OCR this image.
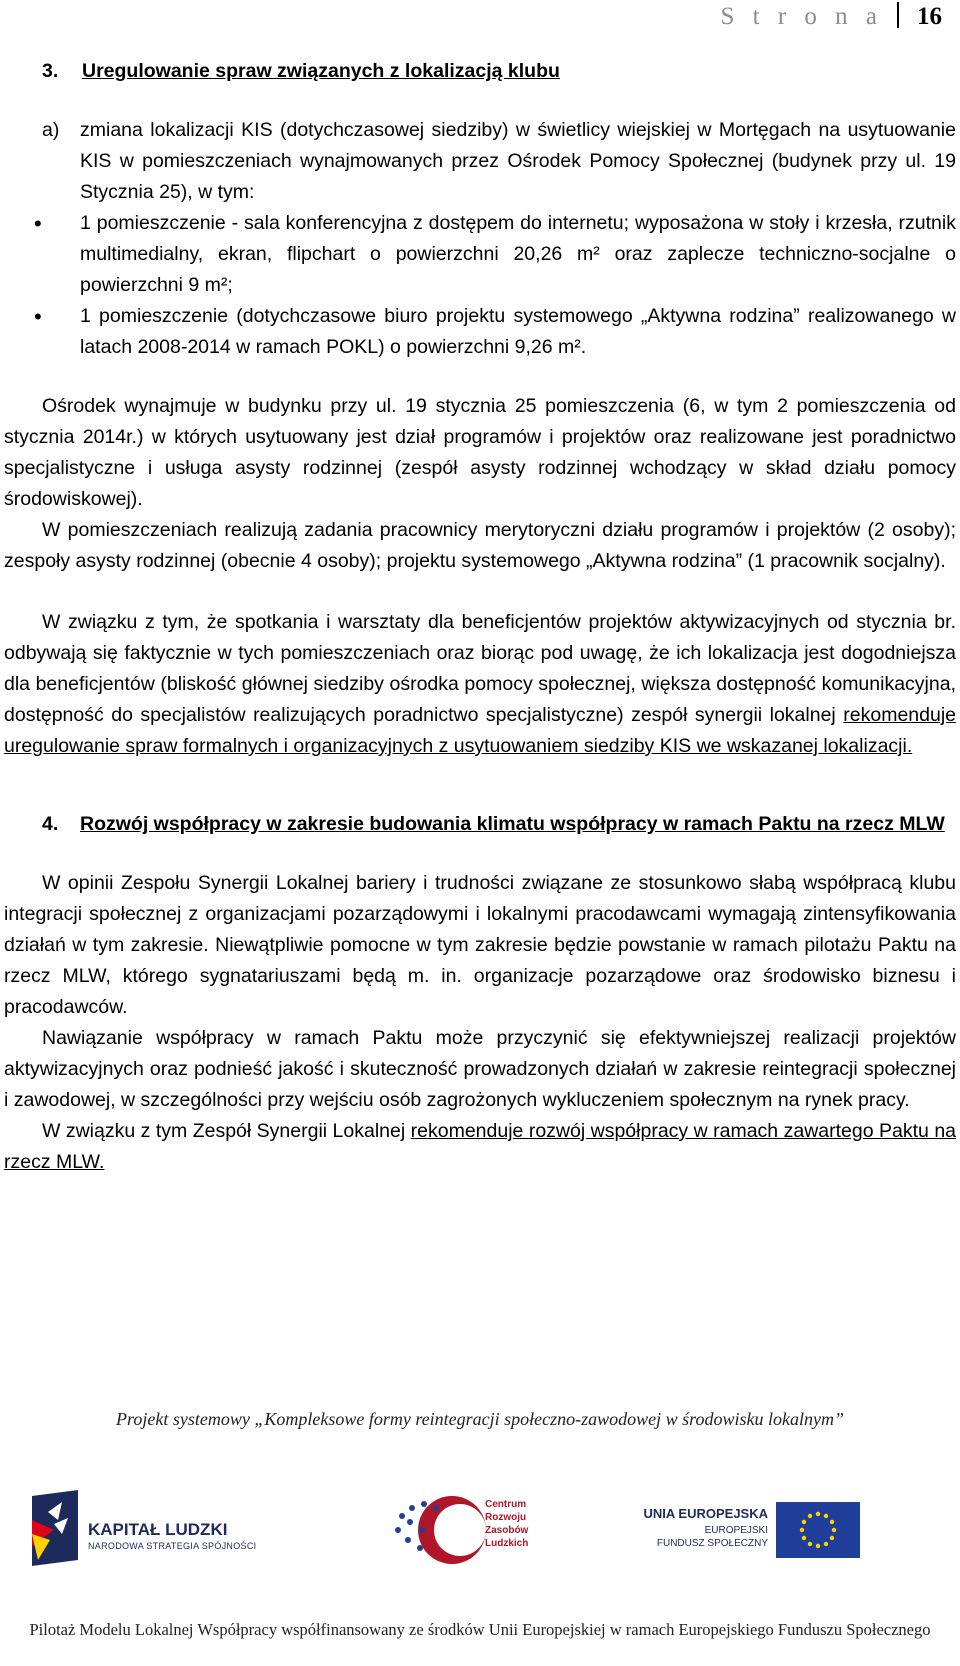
S t r o n a 16
3.	Uregulowanie spraw związanych z lokalizacją klubu
a)	zmiana lokalizacji KIS (dotychczasowej siedziby) w świetlicy wiejskiej w Mortęgach na usytuowanie KIS w pomieszczeniach wynajmowanych przez Ośrodek Pomocy Społecznej (budynek przy ul. 19 Stycznia 25), w tym:
•	1 pomieszczenie - sala konferencyjna z dostępem do internetu; wyposażona w stoły i krzesła, rzutnik multimedialny, ekran, flipchart o powierzchni 20,26 m² oraz zaplecze techniczno-socjalne o powierzchni 9 m²;
•	1 pomieszczenie (dotychczasowe biuro projektu systemowego „Aktywna rodzina” realizowanego w latach 2008-2014 w ramach POKL) o powierzchni 9,26 m².

Ośrodek wynajmuje w budynku przy ul. 19 stycznia 25 pomieszczenia (6, w tym 2 pomieszczenia od stycznia 2014r.) w których usytuowany jest dział programów i projektów oraz realizowane jest poradnictwo specjalistyczne i usługa asysty rodzinnej (zespół asysty rodzinnej wchodzący w skład działu pomocy środowiskowej).

W pomieszczeniach realizują zadania pracownicy merytoryczni działu programów i projektów (2 osoby); zespoły asysty rodzinnej (obecnie 4 osoby); projektu systemowego „Aktywna rodzina” (1 pracownik socjalny).

W związku z tym, że spotkania i warsztaty dla beneficjentów projektów aktywizacyjnych od stycznia br. odbywają się faktycznie w tych pomieszczeniach oraz biorąc pod uwagę, że ich lokalizacja jest dogodniejsza dla beneficjentów (bliskość głównej siedziby ośrodka pomocy społecznej, większa dostępność komunikacyjna, dostępność do specjalistów realizujących poradnictwo specjalistyczne) zespół synergii lokalnej rekomenduje uregulowanie spraw formalnych i organizacyjnych z usytuowaniem siedziby KIS we wskazanej lokalizacji.

4.	Rozwój współpracy w zakresie budowania klimatu współpracy w ramach Paktu na rzecz MLW

W opinii Zespołu Synergii Lokalnej bariery i trudności związane ze stosunkowo słabą współpracą klubu integracji społecznej z organizacjami pozarządowymi i lokalnymi pracodawcami wymagają zintensyfikowania działań w tym zakresie. Niewątpliwie pomocne w tym zakresie będzie powstanie w ramach pilotażu Paktu na rzecz MLW, którego sygnatariuszami będą m. in. organizacje pozarządowe oraz środowisko biznesu i pracodawców.

Nawiązanie współpracy w ramach Paktu może przyczynić się efektywniejszej realizacji projektów aktywizacyjnych oraz podnieść jakość i skuteczność prowadzonych działań w zakresie reintegracji społecznej i zawodowej, w szczególności przy wejściu osób zagrożonych wykluczeniem społecznym na rynek pracy.

W związku z tym Zespół Synergii Lokalnej rekomenduje rozwój współpracy w ramach zawartego Paktu na rzecz MLW.

Projekt systemowy „Kompleksowe formy reintegracji społeczno-zawodowej w środowisku lokalnym”
KAPITAŁ LUDZKI
NARODOWA STRATEGIA SPÓJNOŚCI
Centrum
Rozwoju
Zasobów
Ludzkich
UNIA EUROPEJSKA
EUROPEJSKI
FUNDUSZ SPOŁECZNY
Pilotaż Modelu Lokalnej Współpracy współfinansowany ze środków Unii Europejskiej w ramach Europejskiego Funduszu Społecznego
